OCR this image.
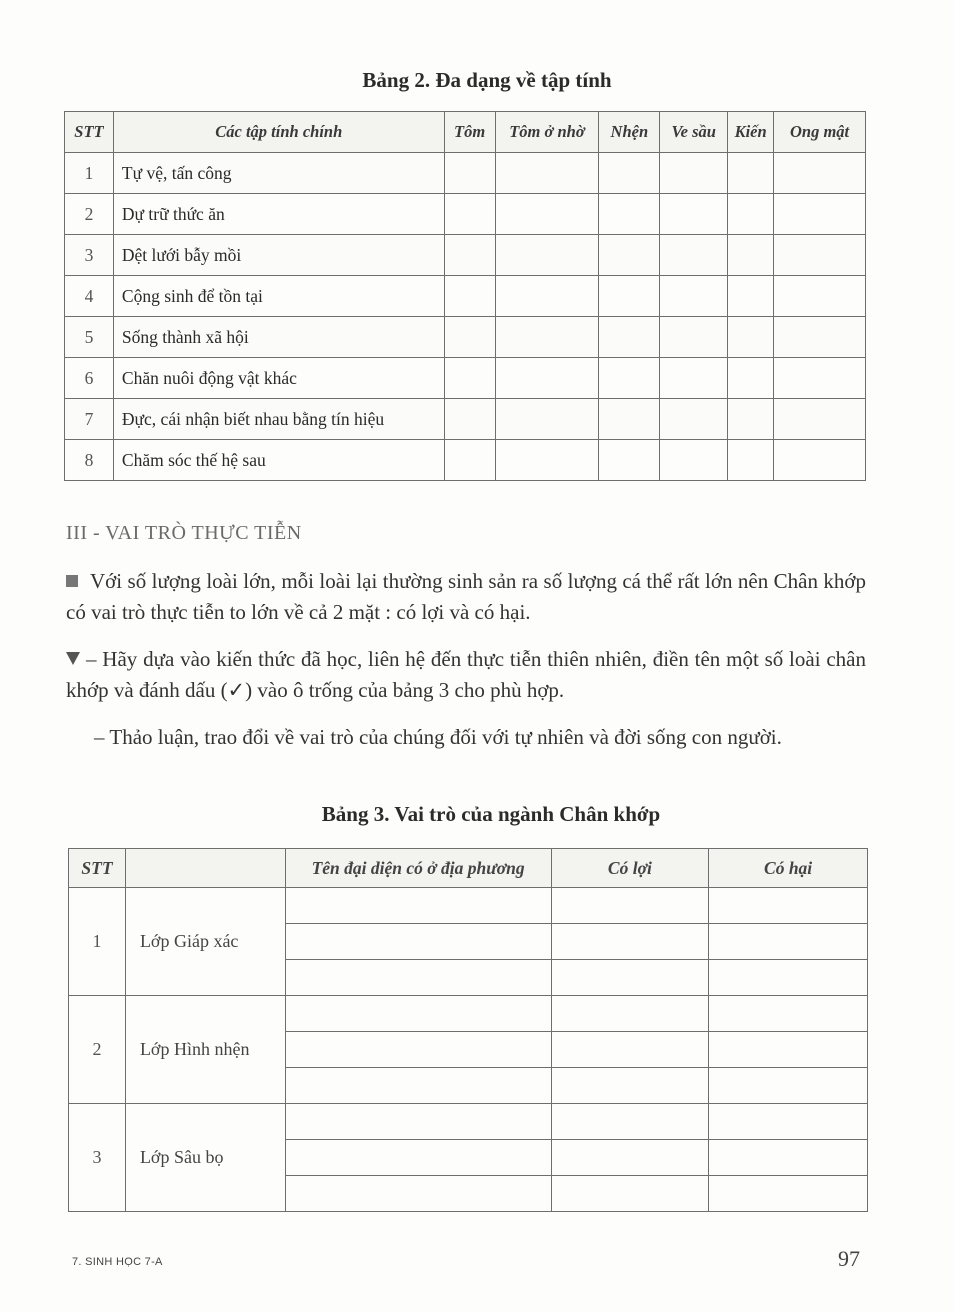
Bảng 2. Đa dạng về tập tính
STT	Các tập tính chính	Tôm	Tôm ở nhờ	Nhện	Ve sầu	Kiến	Ong mật
1	Tự vệ, tấn công						
2	Dự trữ thức ăn						
3	Dệt lưới bẫy mồi						
4	Cộng sinh để tồn tại						
5	Sống thành xã hội						
6	Chăn nuôi động vật khác						
7	Đực, cái nhận biết nhau bằng tín hiệu						
8	Chăm sóc thế hệ sau						
III - VAI TRÒ THỰC TIỄN
Với số lượng loài lớn, mỗi loài lại thường sinh sản ra số lượng cá thể rất lớn nên Chân khớp có vai trò thực tiễn to lớn về cả 2 mặt : có lợi và có hại.
– Hãy dựa vào kiến thức đã học, liên hệ đến thực tiễn thiên nhiên, điền tên một số loài chân khớp và đánh dấu (✓) vào ô trống của bảng 3 cho phù hợp.
– Thảo luận, trao đổi về vai trò của chúng đối với tự nhiên và đời sống con người.
Bảng 3. Vai trò của ngành Chân khớp
STT		Tên đại diện có ở địa phương	Có lợi	Có hại
1	Lớp Giáp xác			

2	Lớp Hình nhện			

3	Lớp Sâu bọ			

7. SINH HỌC 7-A	97
